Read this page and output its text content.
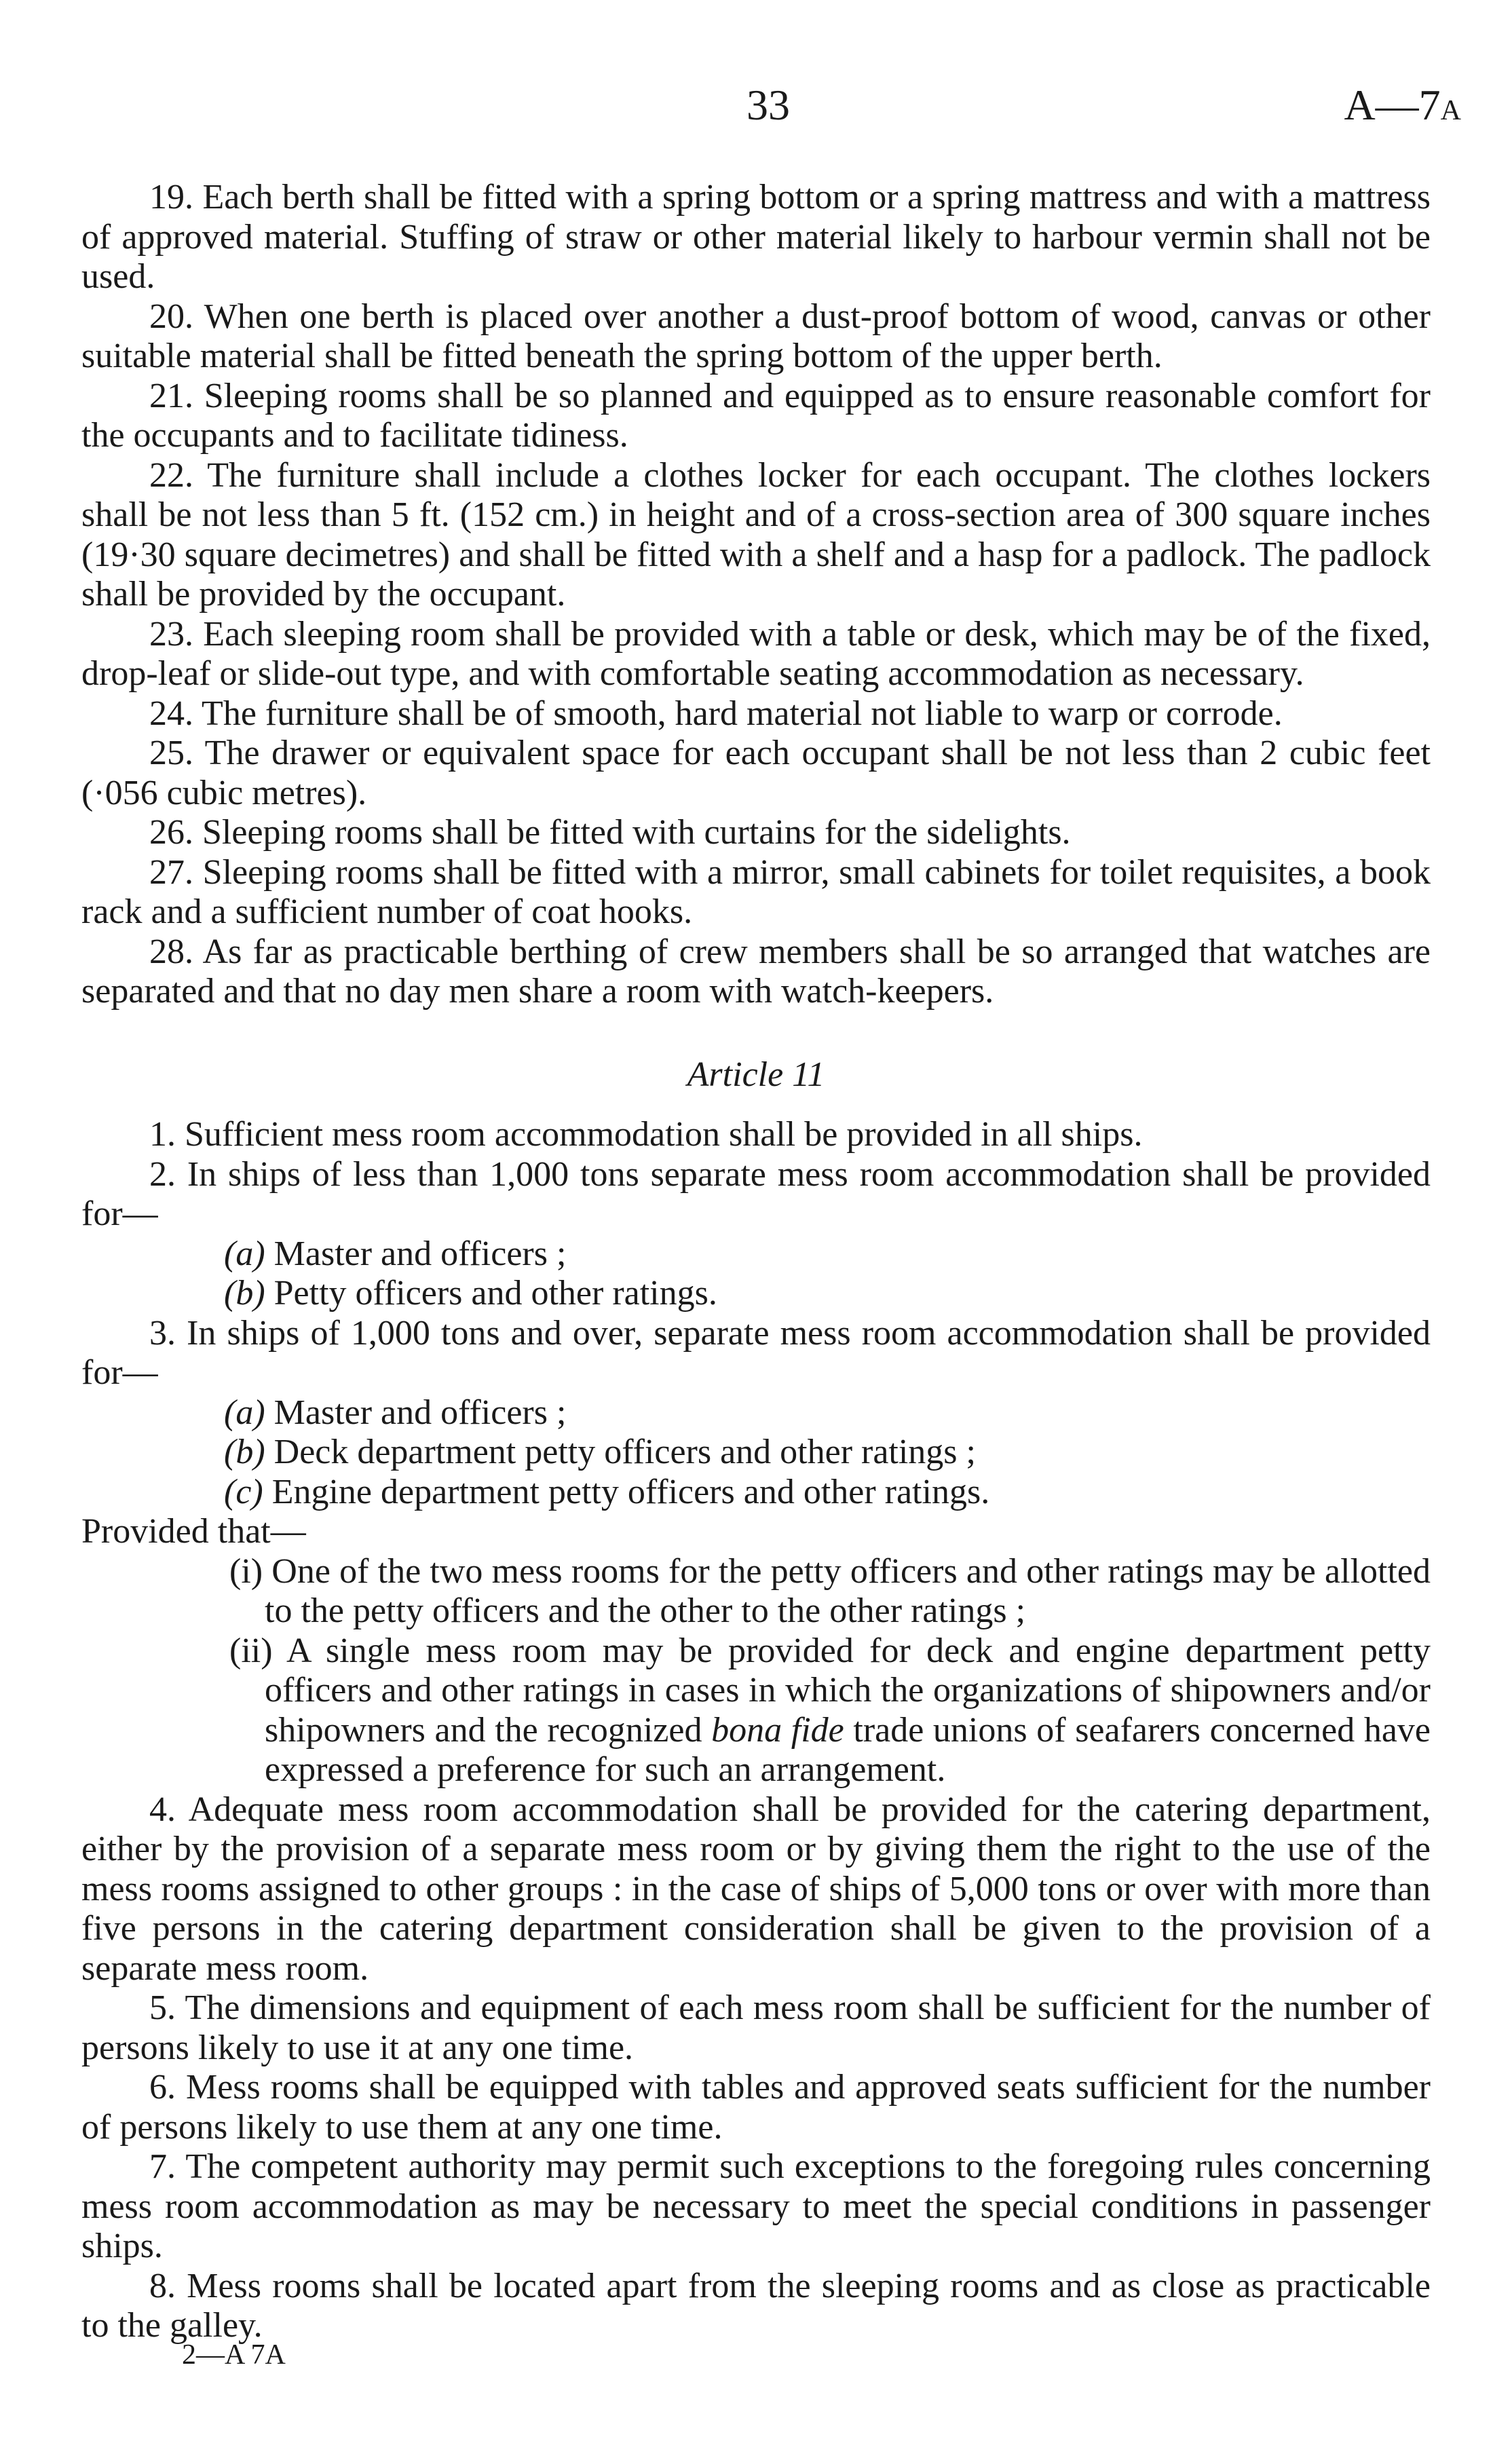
33	A—7A

19. Each berth shall be fitted with a spring bottom or a spring mattress and with a mattress of approved material. Stuffing of straw or other material likely to harbour vermin shall not be used.

20. When one berth is placed over another a dust-proof bottom of wood, canvas or other suitable material shall be fitted beneath the spring bottom of the upper berth.

21. Sleeping rooms shall be so planned and equipped as to ensure reasonable comfort for the occupants and to facilitate tidiness.

22. The furniture shall include a clothes locker for each occupant. The clothes lockers shall be not less than 5 ft. (152 cm.) in height and of a cross-section area of 300 square inches (19·30 square decimetres) and shall be fitted with a shelf and a hasp for a padlock. The padlock shall be provided by the occupant.

23. Each sleeping room shall be provided with a table or desk, which may be of the fixed, drop-leaf or slide-out type, and with comfortable seating accommodation as necessary.

24. The furniture shall be of smooth, hard material not liable to warp or corrode.

25. The drawer or equivalent space for each occupant shall be not less than 2 cubic feet (·056 cubic metres).

26. Sleeping rooms shall be fitted with curtains for the sidelights.

27. Sleeping rooms shall be fitted with a mirror, small cabinets for toilet requisites, a book rack and a sufficient number of coat hooks.

28. As far as practicable berthing of crew members shall be so arranged that watches are separated and that no day men share a room with watch-keepers.

Article 11

1. Sufficient mess room accommodation shall be provided in all ships.

2. In ships of less than 1,000 tons separate mess room accommodation shall be provided for—

(a) Master and officers ;

(b) Petty officers and other ratings.

3. In ships of 1,000 tons and over, separate mess room accommodation shall be provided for—

(a) Master and officers ;

(b) Deck department petty officers and other ratings ;

(c) Engine department petty officers and other ratings.

Provided that—

(i) One of the two mess rooms for the petty officers and other ratings may be allotted to the petty officers and the other to the other ratings ;

(ii) A single mess room may be provided for deck and engine department petty officers and other ratings in cases in which the organizations of shipowners and/or shipowners and the recognized bona fide trade unions of seafarers concerned have expressed a preference for such an arrangement.

4. Adequate mess room accommodation shall be provided for the catering department, either by the provision of a separate mess room or by giving them the right to the use of the mess rooms assigned to other groups : in the case of ships of 5,000 tons or over with more than five persons in the catering department consideration shall be given to the provision of a separate mess room.

5. The dimensions and equipment of each mess room shall be sufficient for the number of persons likely to use it at any one time.

6. Mess rooms shall be equipped with tables and approved seats sufficient for the number of persons likely to use them at any one time.

7. The competent authority may permit such exceptions to the foregoing rules concerning mess room accommodation as may be necessary to meet the special conditions in passenger ships.

8. Mess rooms shall be located apart from the sleeping rooms and as close as practicable to the galley.

2—A 7A
